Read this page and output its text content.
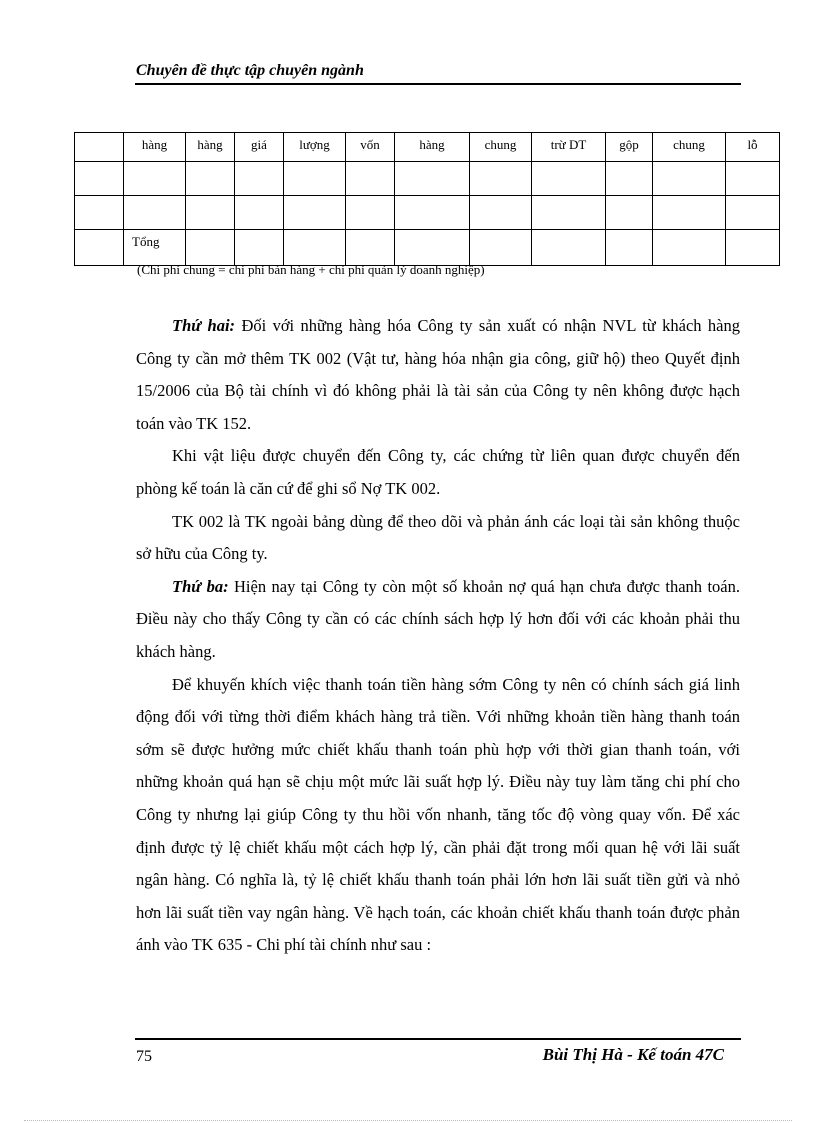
Chuyên đề thực tập chuyên ngành
	hàng	hàng	giá	lượng	vốn	hàng	chung	trừ DT	gộp	chung	lỗ

	Tổng										
(Chi phí chung = chi phí bán hàng + chi phí quản lý doanh nghiệp)

Thứ hai: Đối với những hàng hóa Công ty sản xuất có nhận NVL từ khách hàng Công ty cần mở thêm TK 002 (Vật tư, hàng hóa nhận gia công, giữ hộ) theo Quyết định 15/2006 của Bộ tài chính vì đó không phải là tài sản của Công ty nên không được hạch toán vào TK 152.

Khi vật liệu được chuyển đến Công ty, các chứng từ liên quan được chuyển đến phòng kế toán là căn cứ để ghi sổ Nợ TK 002.

TK 002 là TK ngoài bảng dùng để theo dõi và phản ánh các loại tài sản không thuộc sở hữu của Công ty.

Thứ ba: Hiện nay tại Công ty còn một số khoản nợ quá hạn chưa được thanh toán. Điều này cho thấy Công ty cần có các chính sách hợp lý hơn đối với các khoản phải thu khách hàng.

Để khuyến khích việc thanh toán tiền hàng sớm Công ty nên có chính sách giá linh động đối với từng thời điểm khách hàng trả tiền. Với những khoản tiền hàng thanh toán sớm sẽ được hưởng mức chiết khấu thanh toán phù hợp với thời gian thanh toán, với những khoản quá hạn sẽ chịu một mức lãi suất hợp lý. Điều này tuy làm tăng chi phí cho Công ty nhưng lại giúp Công ty thu hồi vốn nhanh, tăng tốc độ vòng quay vốn. Để xác định được tỷ lệ chiết khấu một cách hợp lý, cần phải đặt trong mối quan hệ với lãi suất ngân hàng. Có nghĩa là, tỷ lệ chiết khấu thanh toán phải lớn hơn lãi suất tiền gửi và nhỏ hơn lãi suất tiền vay ngân hàng. Về hạch toán, các khoản chiết khấu thanh toán được phản ánh vào TK 635 - Chi phí tài chính như sau :

75	Bùi Thị Hà - Kế toán 47C
